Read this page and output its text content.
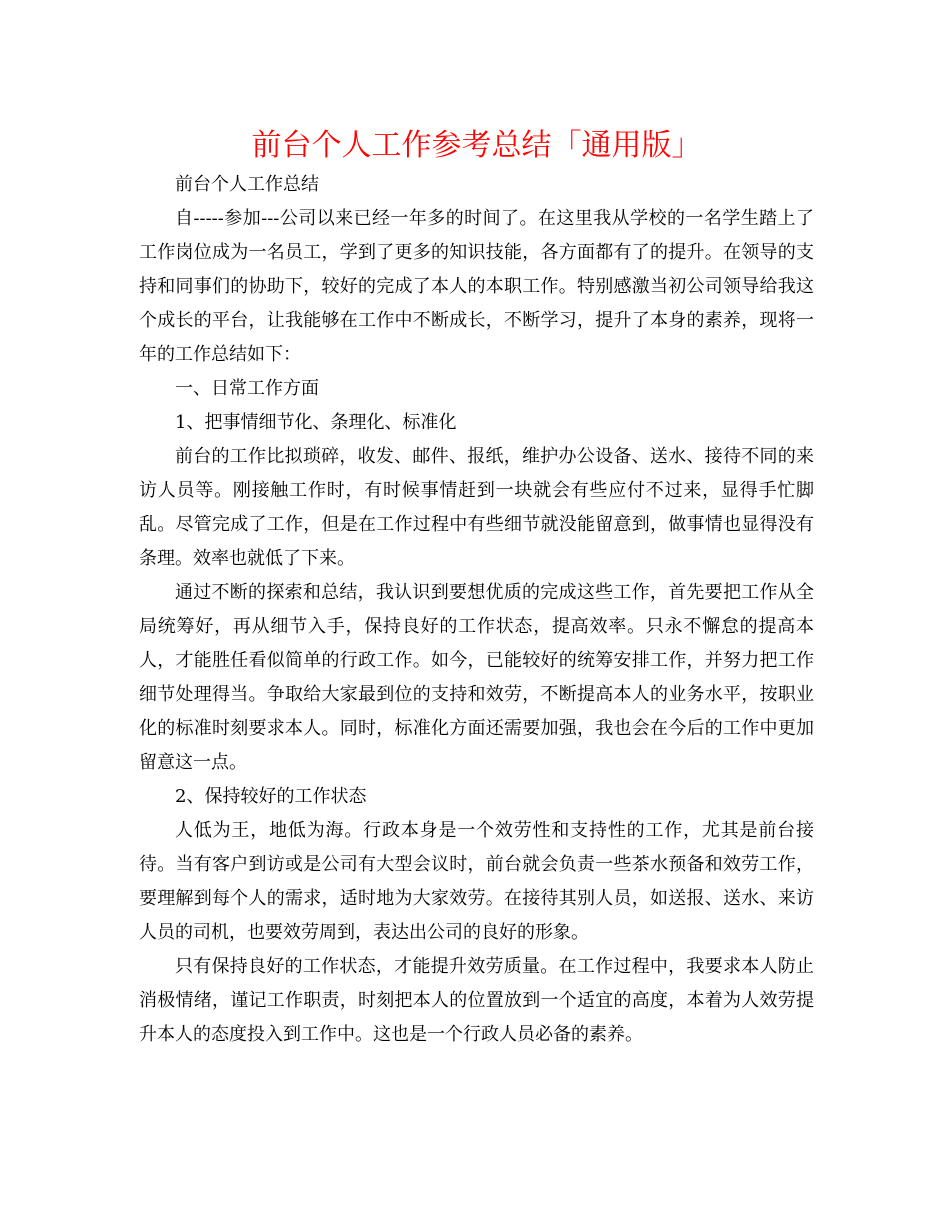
前台个人工作参考总结「通用版」

前台个人工作总结

自-----参加---公司以来已经一年多的时间了。在这里我从学校的一名学生踏上了工作岗位成为一名员工，学到了更多的知识技能，各方面都有了的提升。在领导的支持和同事们的协助下，较好的完成了本人的本职工作。特别感激当初公司领导给我这个成长的平台，让我能够在工作中不断成长，不断学习，提升了本身的素养，现将一年的工作总结如下：

一、日常工作方面

1、把事情细节化、条理化、标准化

前台的工作比拟琐碎，收发、邮件、报纸，维护办公设备、送水、接待不同的来访人员等。刚接触工作时，有时候事情赶到一块就会有些应付不过来，显得手忙脚乱。尽管完成了工作，但是在工作过程中有些细节就没能留意到，做事情也显得没有条理。效率也就低了下来。

通过不断的探索和总结，我认识到要想优质的完成这些工作，首先要把工作从全局统筹好，再从细节入手，保持良好的工作状态，提高效率。只永不懈怠的提高本人，才能胜任看似简单的行政工作。如今，已能较好的统筹安排工作，并努力把工作细节处理得当。争取给大家最到位的支持和效劳，不断提高本人的业务水平，按职业化的标准时刻要求本人。同时，标准化方面还需要加强，我也会在今后的工作中更加留意这一点。

2、保持较好的工作状态

人低为王，地低为海。行政本身是一个效劳性和支持性的工作，尤其是前台接待。当有客户到访或是公司有大型会议时，前台就会负责一些茶水预备和效劳工作，要理解到每个人的需求，适时地为大家效劳。在接待其别人员，如送报、送水、来访人员的司机，也要效劳周到，表达出公司的良好的形象。

只有保持良好的工作状态，才能提升效劳质量。在工作过程中，我要求本人防止消极情绪，谨记工作职责，时刻把本人的位置放到一个适宜的高度，本着为人效劳提升本人的态度投入到工作中。这也是一个行政人员必备的素养。
